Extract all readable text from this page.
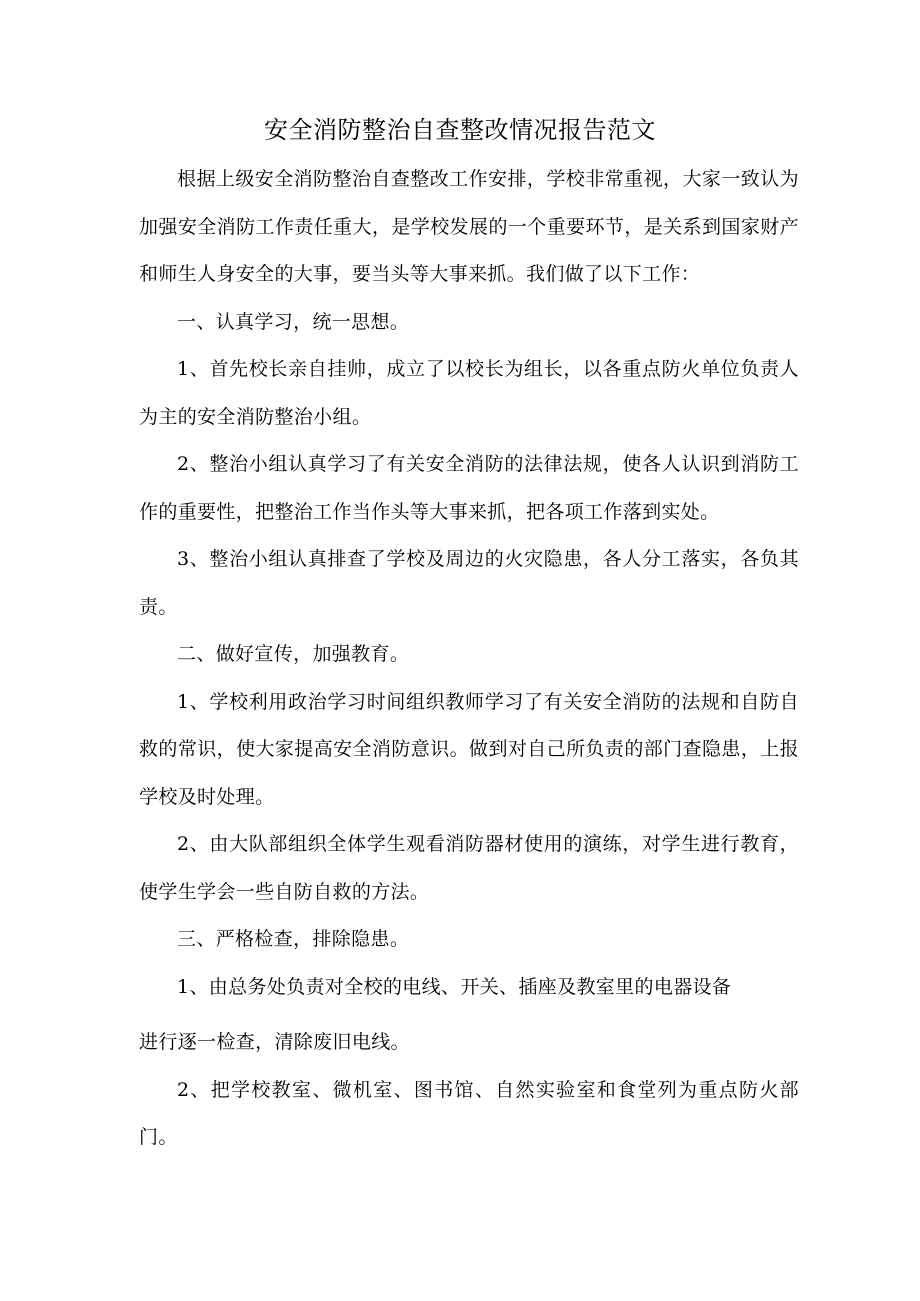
安全消防整治自查整改情况报告范文

根据上级安全消防整治自查整改工作安排，学校非常重视，大家一致认为加强安全消防工作责任重大，是学校发展的一个重要环节，是关系到国家财产和师生人身安全的大事，要当头等大事来抓。我们做了以下工作：

一、认真学习，统一思想。

1、首先校长亲自挂帅，成立了以校长为组长，以各重点防火单位负责人为主的安全消防整治小组。

2、整治小组认真学习了有关安全消防的法律法规，使各人认识到消防工作的重要性，把整治工作当作头等大事来抓，把各项工作落到实处。

3、整治小组认真排查了学校及周边的火灾隐患，各人分工落实，各负其责。

二、做好宣传，加强教育。

1、学校利用政治学习时间组织教师学习了有关安全消防的法规和自防自救的常识，使大家提高安全消防意识。做到对自己所负责的部门查隐患，上报学校及时处理。

2、由大队部组织全体学生观看消防器材使用的演练，对学生进行教育，使学生学会一些自防自救的方法。

三、严格检查，排除隐患。

1、由总务处负责对全校的电线、开关、插座及教室里的电器设备

进行逐一检查，清除废旧电线。

2、把学校教室、微机室、图书馆、自然实验室和食堂列为重点防火部门。
